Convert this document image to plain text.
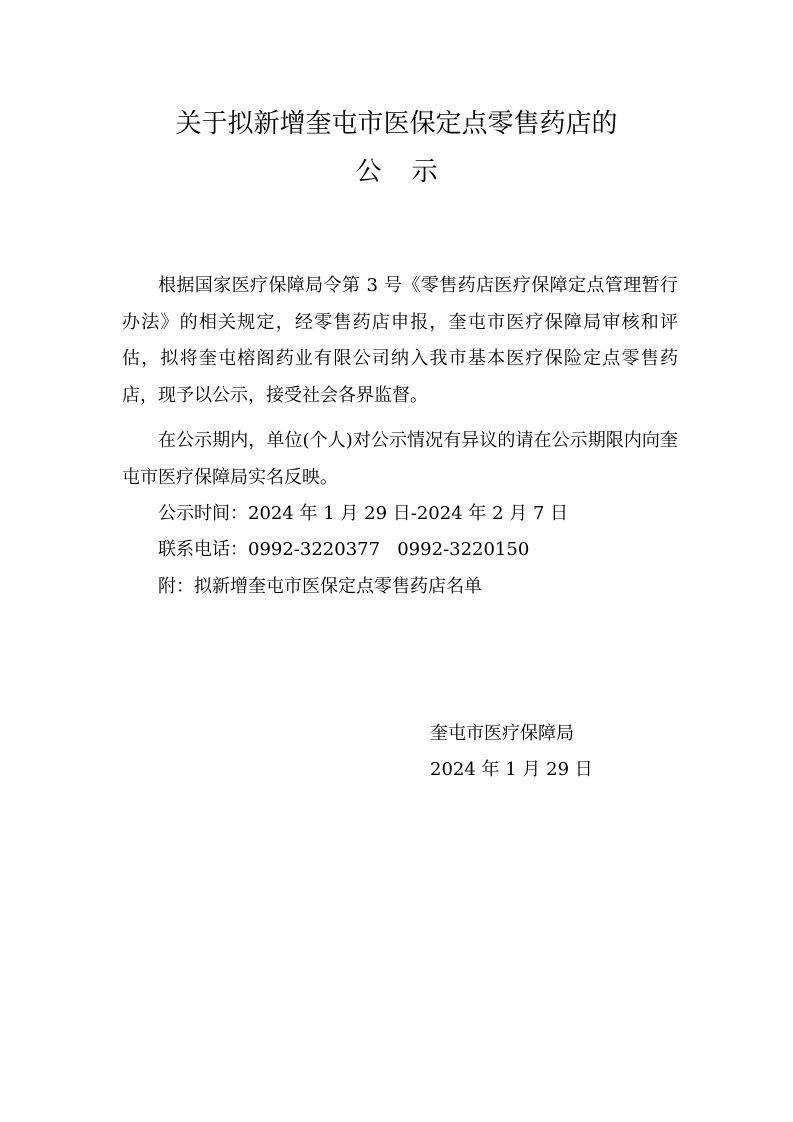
关于拟新增奎屯市医保定点零售药店的
公示

根据国家医疗保障局令第 3 号《零售药店医疗保障定点管理暂行办法》的相关规定，经零售药店申报，奎屯市医疗保障局审核和评估，拟将奎屯榕阁药业有限公司纳入我市基本医疗保险定点零售药店，现予以公示，接受社会各界监督。

在公示期内，单位(个人)对公示情况有异议的请在公示期限内向奎屯市医疗保障局实名反映。

公示时间：2024 年 1 月 29 日-2024 年 2 月 7 日
联系电话：0992-3220377   0992-3220150
附：拟新增奎屯市医保定点零售药店名单
奎屯市医疗保障局
2024 年 1 月 29 日
